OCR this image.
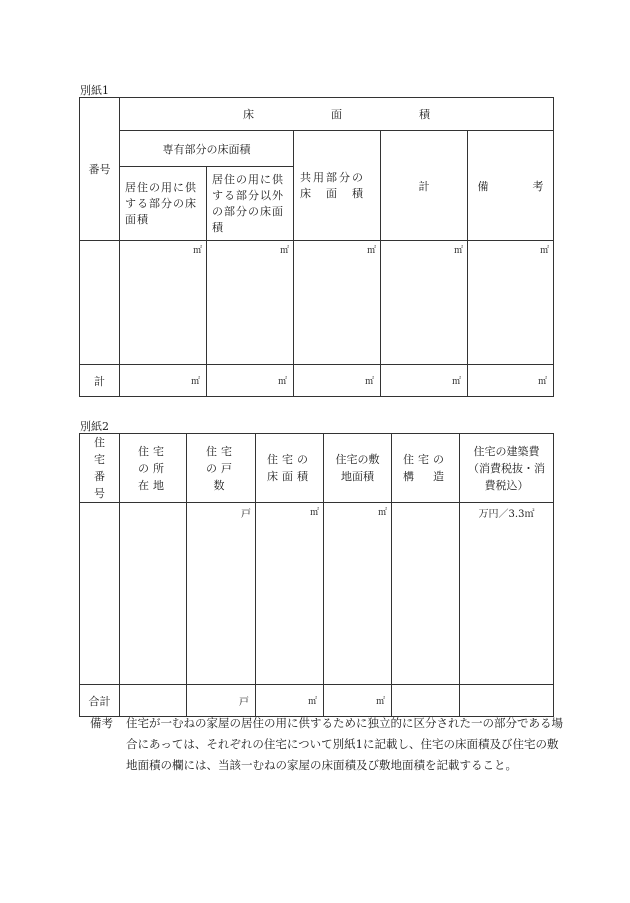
別紙1
番号	床　　　　　　　面　　　　　　　積				
	専有部分の床面積		共用部分の床　面　積	計	備　　　　考
	居住の用に供する部分の床面積	居住の用に供する部分以外の部分の床面積			
	㎡	㎡	㎡	㎡	㎡
計	㎡	㎡	㎡	㎡	㎡
別紙2
住宅番号	住宅の所在地	住宅の戸　数	住宅の床面積	住宅の敷地面積	住宅の構　造	住宅の建築費（消費税抜・消費税込）
		戸	㎡	㎡		万円／3.3㎡
合計		戸	㎡	㎡		
備考 住宅が一むねの家屋の居住の用に供するために独立的に区分された一の部分である場合にあっては、それぞれの住宅について別紙1に記載し、住宅の床面積及び住宅の敷地面積の欄には、当該一むねの家屋の床面積及び敷地面積を記載すること。
